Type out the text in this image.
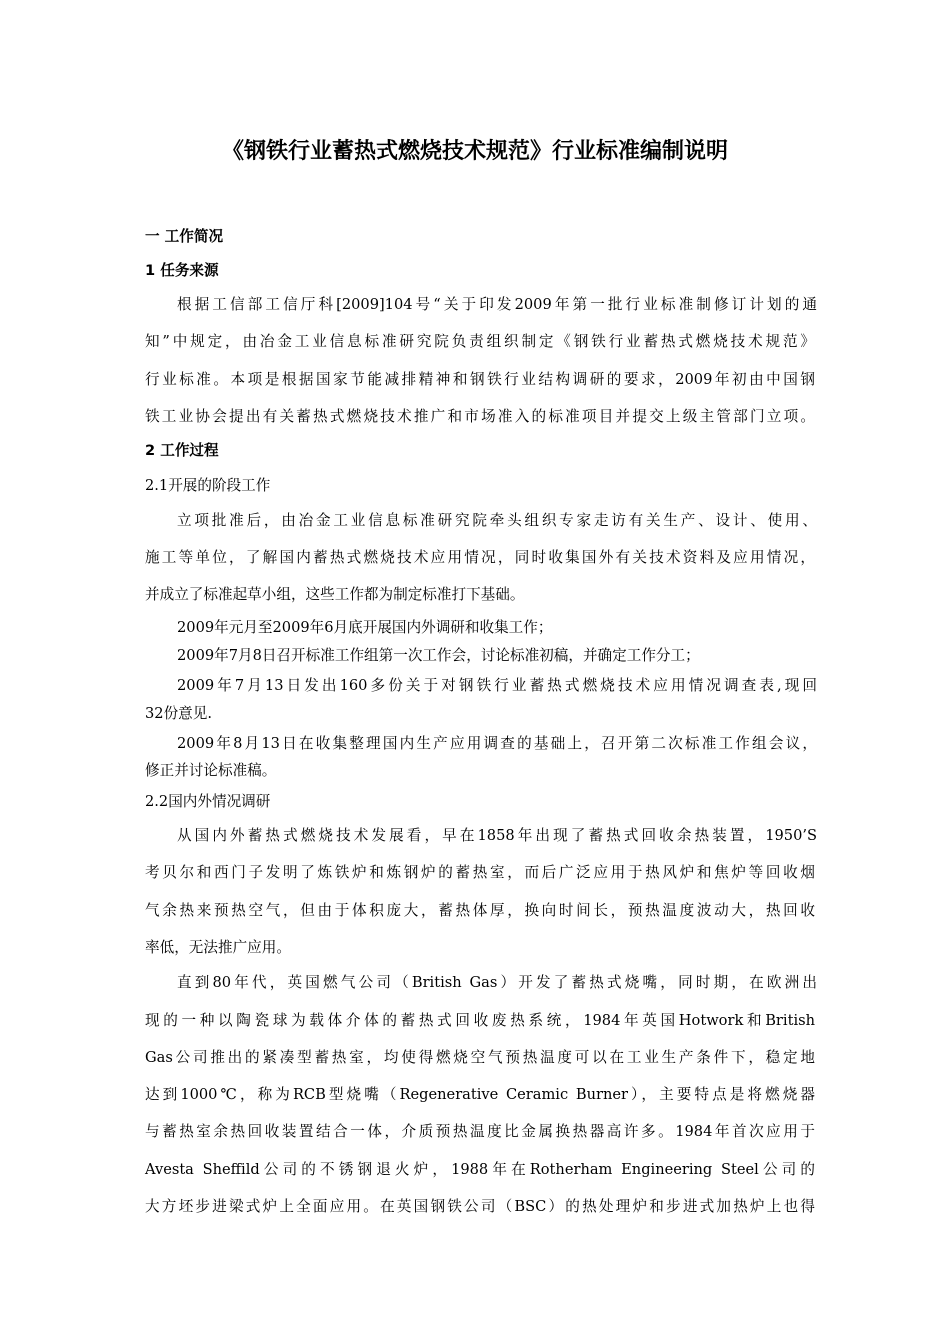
《钢铁行业蓄热式燃烧技术规范》行业标准编制说明

一 工作简况

1 任务来源

根据工信部工信厅科[2009]104号“关于印发2009年第一批行业标准制修订计划的通

知”中规定，由冶金工业信息标准研究院负责组织制定《钢铁行业蓄热式燃烧技术规范》

行业标准。本项是根据国家节能减排精神和钢铁行业结构调研的要求，2009年初由中国钢

铁工业协会提出有关蓄热式燃烧技术推广和市场准入的标准项目并提交上级主管部门立项。

2 工作过程

2.1开展的阶段工作

立项批准后，由冶金工业信息标准研究院牵头组织专家走访有关生产、设计、使用、

施工等单位，了解国内蓄热式燃烧技术应用情况，同时收集国外有关技术资料及应用情况，

并成立了标准起草小组，这些工作都为制定标准打下基础。

2009年元月至2009年6月底开展国内外调研和收集工作；

2009年7月8日召开标准工作组第一次工作会，讨论标准初稿，并确定工作分工；

2009年7月13日发出160多份关于对钢铁行业蓄热式燃烧技术应用情况调查表,现回

32份意见.

2009年8月13日在收集整理国内生产应用调查的基础上，召开第二次标准工作组会议，

修正并讨论标准稿。

2.2国内外情况调研

从国内外蓄热式燃烧技术发展看，早在1858年出现了蓄热式回收余热装置，1950’S

考贝尔和西门子发明了炼铁炉和炼钢炉的蓄热室，而后广泛应用于热风炉和焦炉等回收烟

气余热来预热空气，但由于体积庞大，蓄热体厚，换向时间长，预热温度波动大，热回收

率低，无法推广应用。

直到80年代，英国燃气公司（British Gas）开发了蓄热式烧嘴，同时期，在欧洲出

现的一种以陶瓷球为载体介体的蓄热式回收废热系统，1984年英国Hotwork和British

Gas公司推出的紧凑型蓄热室，均使得燃烧空气预热温度可以在工业生产条件下，稳定地

达到1000℃，称为RCB型烧嘴（Regenerative Ceramic Burner），主要特点是将燃烧器

与蓄热室余热回收装置结合一体，介质预热温度比金属换热器高许多。1984年首次应用于

Avesta Sheffild公司的不锈钢退火炉，1988年在Rotherham Engineering Steel公司的

大方坯步进梁式炉上全面应用。在英国钢铁公司（BSC）的热处理炉和步进式加热炉上也得
